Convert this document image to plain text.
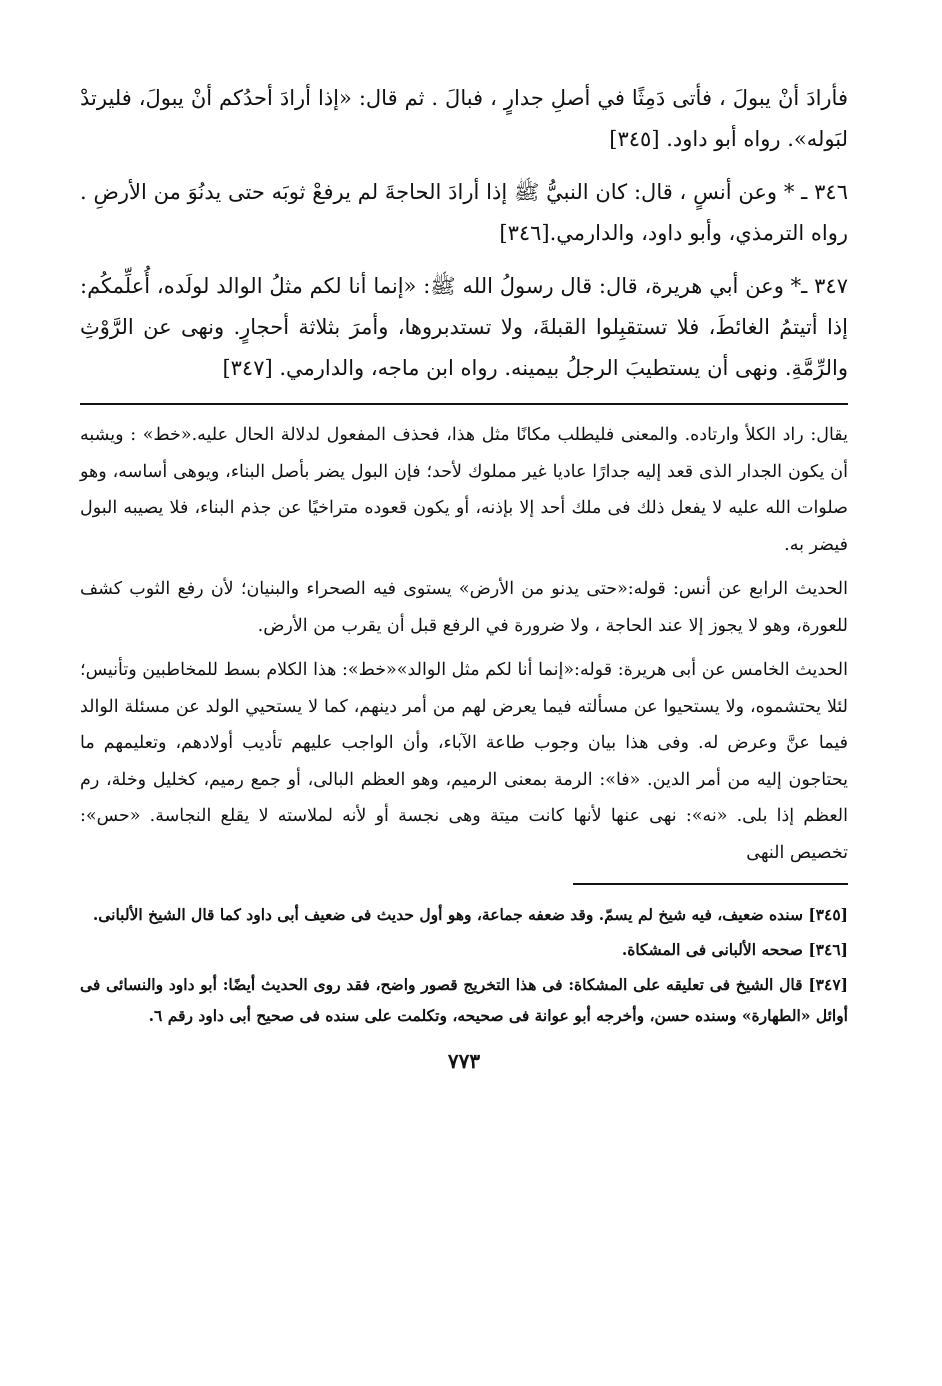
فأرادَ أنْ يبولَ ، فأتى دَمِثًا في أصلِ جدارٍ ، فبالَ . ثم قال: «إذا أرادَ أحدُكم أنْ يبولَ، فليرتدْ لبَوله». رواه أبو داود. [٣٤٥]

٣٤٦ ـ * وعن أنسٍ ، قال: كان النبيُّ ﷺ إذا أرادَ الحاجةَ لم يرفعْ ثوبَه حتى يدنُوَ من الأرضِ . رواه الترمذي، وأبو داود، والدارمي.[٣٤٦]

٣٤٧ ـ* وعن أبي هريرة، قال: قال رسولُ الله ﷺ: «إنما أنا لكم مثلُ الوالد لولَده، أُعلِّمكُم: إذا أتيتمُ الغائطَ، فلا تستقبِلوا القبلةَ، ولا تستدبروها، وأمرَ بثلاثة أحجارٍ. ونهى عن الرَّوْثِ والرِّمَّةِ. ونهى أن يستطيبَ الرجلُ بيمينه. رواه ابن ماجه، والدارمي. [٣٤٧]

يقال: راد الكلأ وارتاده. والمعنى فليطلب مكانًا مثل هذا، فحذف المفعول لدلالة الحال عليه.«خط» : ويشبه أن يكون الجدار الذى قعد إليه جدارًا عاديا غير مملوك لأحد؛ فإن البول يضر بأصل البناء، ويوهى أساسه، وهو صلوات الله عليه لا يفعل ذلك فى ملك أحد إلا بإذنه، أو يكون قعوده متراخيًا عن جذم البناء، فلا يصيبه البول فيضر به.

الحديث الرابع عن أنس: قوله:«حتى يدنو من الأرض» يستوى فيه الصحراء والبنيان؛ لأن رفع الثوب كشف للعورة، وهو لا يجوز إلا عند الحاجة ، ولا ضرورة في الرفع قبل أن يقرب من الأرض.

الحديث الخامس عن أبى هريرة: قوله:«إنما أنا لكم مثل الوالد»«خط»: هذا الكلام بسط للمخاطبين وتأنيس؛ لئلا يحتشموه، ولا يستحيوا عن مسألته فيما يعرض لهم من أمر دينهم، كما لا يستحيي الولد عن مسئلة الوالد فيما عنَّ وعرض له. وفى هذا بيان وجوب طاعة الآباء، وأن الواجب عليهم تأديب أولادهم، وتعليمهم ما يحتاجون إليه من أمر الدين. «فا»: الرمة بمعنى الرميم، وهو العظم البالى، أو جمع رميم، كخليل وخلة، رم العظم إذا بلى. «نه»: نهى عنها لأنها كانت ميتة وهى نجسة أو لأنه لملاسته لا يقلع النجاسة. «حس»: تخصيص النهى

[٣٤٥] سنده ضعيف، فيه شيخ لم يسمّ. وقد ضعفه جماعة، وهو أول حديث فى ضعيف أبى داود كما قال الشيخ الألبانى.

[٣٤٦] صححه الألبانى فى المشكاة.

[٣٤٧] قال الشيخ فى تعليقه على المشكاة: فى هذا التخريج قصور واضح، فقد روى الحديث أيضًا: أبو داود والنسائى فى أوائل «الطهارة» وسنده حسن، وأخرجه أبو عوانة فى صحيحه، وتكلمت على سنده فى صحيح أبى داود رقم ٦.

٧٧٣
